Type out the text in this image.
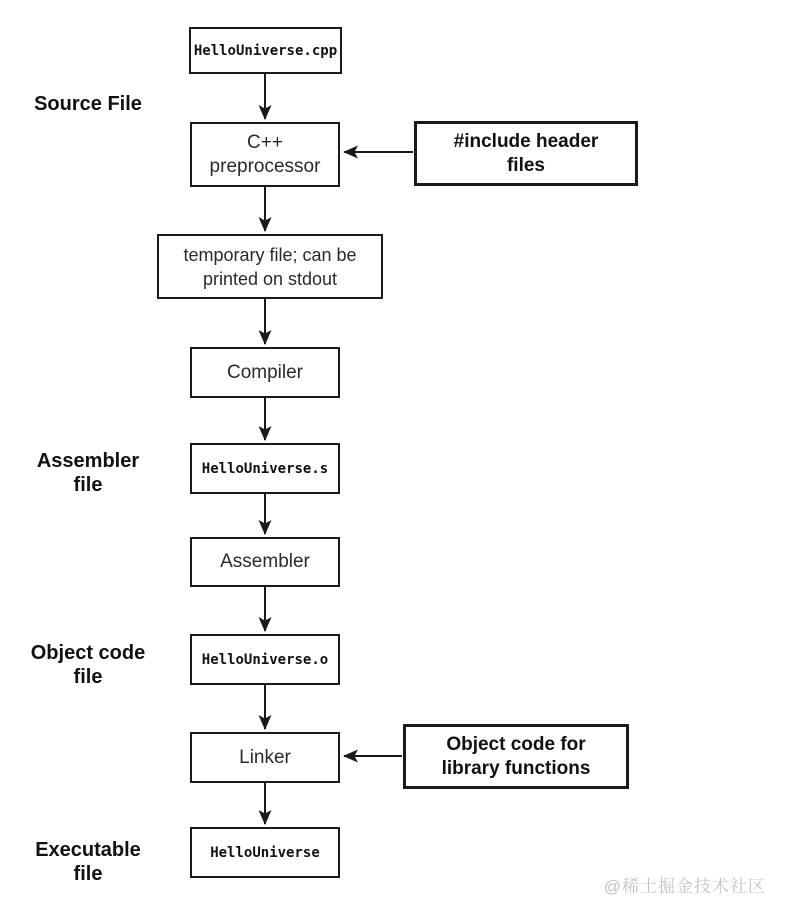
Source File
Assembler
file
Object code
file
Executable
file
HelloUniverse.cpp
C++
preprocessor
temporary file; can be
printed on stdout
Compiler
HelloUniverse.s
Assembler
HelloUniverse.o
Linker
HelloUniverse
#include header
files
Object code for
library functions
@稀土掘金技术社区
